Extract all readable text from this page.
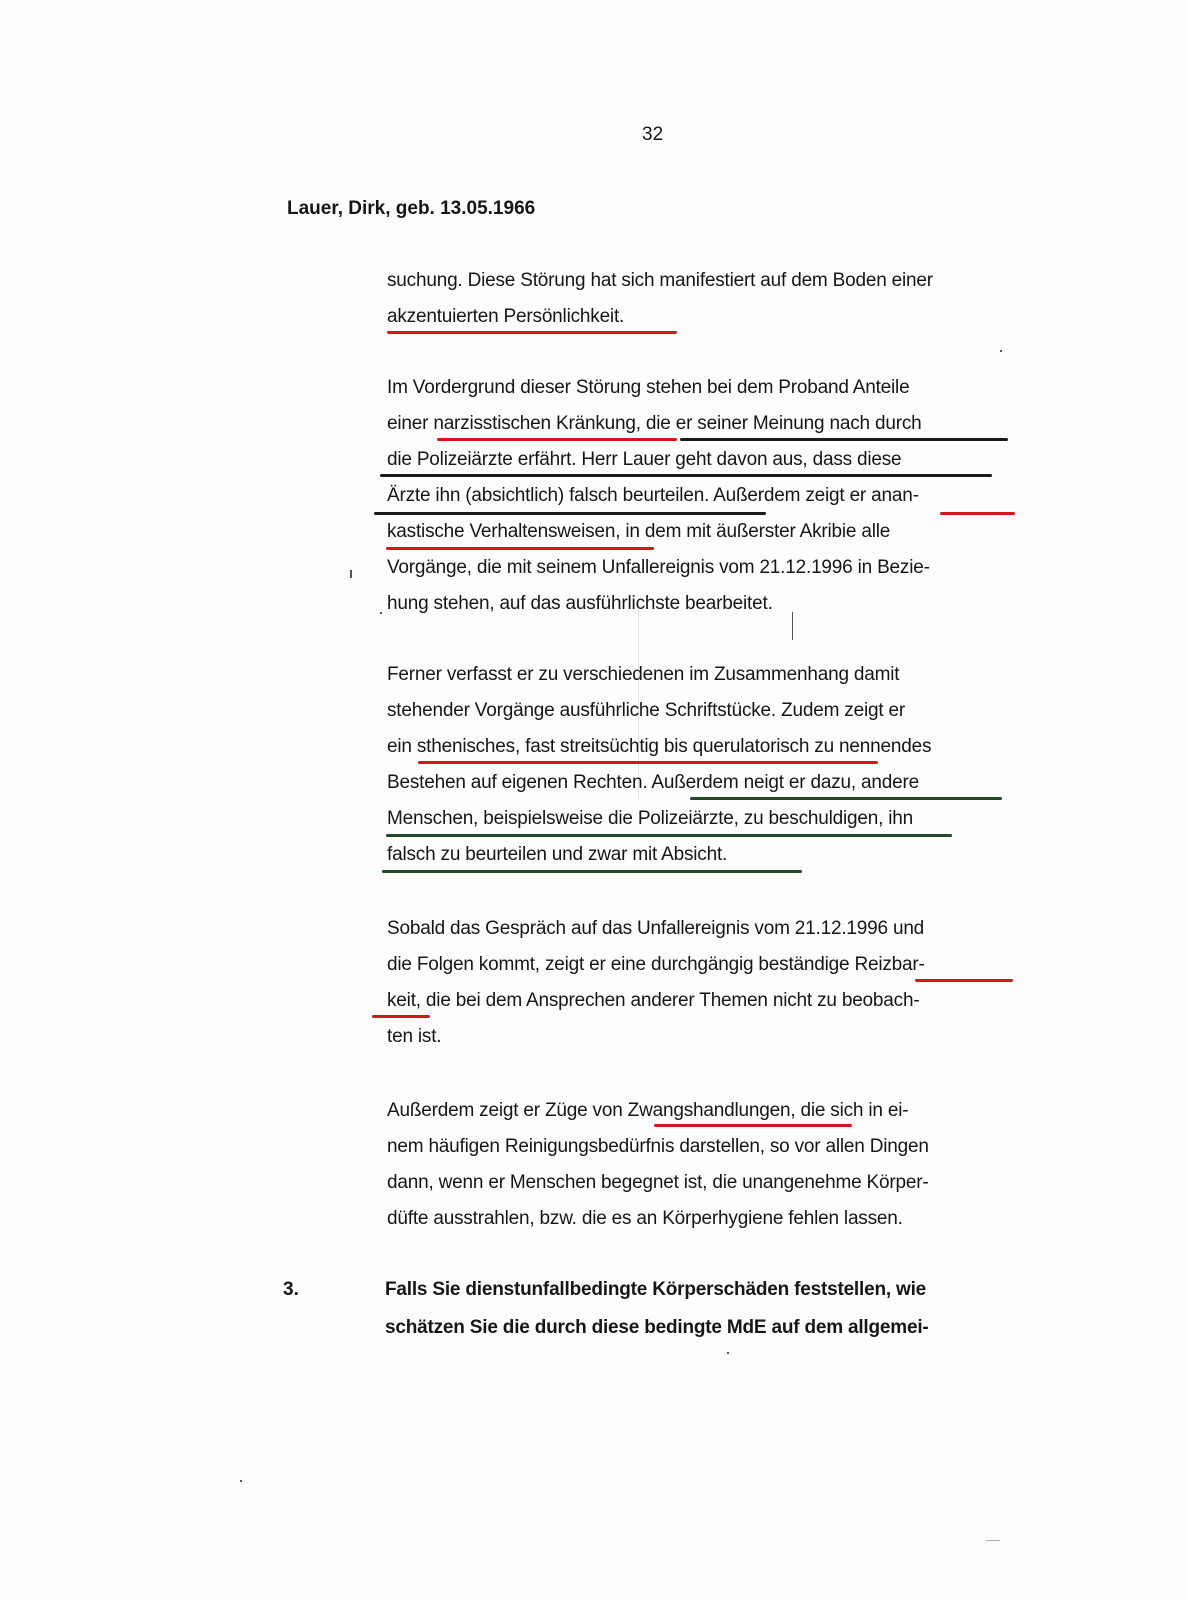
32
Lauer, Dirk, geb. 13.05.1966
suchung. Diese Störung hat sich manifestiert auf dem Boden einer
akzentuierten Persönlichkeit.
Im Vordergrund dieser Störung stehen bei dem Proband Anteile
einer narzisstischen Kränkung, die er seiner Meinung nach durch
die Polizeiärzte erfährt. Herr Lauer geht davon aus, dass diese
Ärzte ihn (absichtlich) falsch beurteilen. Außerdem zeigt er anan-
kastische Verhaltensweisen, in dem mit äußerster Akribie alle
Vorgänge, die mit seinem Unfallereignis vom 21.12.1996 in Bezie-
hung stehen, auf das ausführlichste bearbeitet.
Ferner verfasst er zu verschiedenen im Zusammenhang damit
stehender Vorgänge ausführliche Schriftstücke. Zudem zeigt er
ein sthenisches, fast streitsüchtig bis querulatorisch zu nennendes
Bestehen auf eigenen Rechten. Außerdem neigt er dazu, andere
Menschen, beispielsweise die Polizeiärzte, zu beschuldigen, ihn
falsch zu beurteilen und zwar mit Absicht.
Sobald das Gespräch auf das Unfallereignis vom 21.12.1996 und
die Folgen kommt, zeigt er eine durchgängig beständige Reizbar-
keit, die bei dem Ansprechen anderer Themen nicht zu beobach-
ten ist.
Außerdem zeigt er Züge von Zwangshandlungen, die sich in ei-
nem häufigen Reinigungsbedürfnis darstellen, so vor allen Dingen
dann, wenn er Menschen begegnet ist, die unangenehme Körper-
düfte ausstrahlen, bzw. die es an Körperhygiene fehlen lassen.
3.	Falls Sie dienstunfallbedingte Körperschäden feststellen, wie
schätzen Sie die durch diese bedingte MdE auf dem allgemei-
